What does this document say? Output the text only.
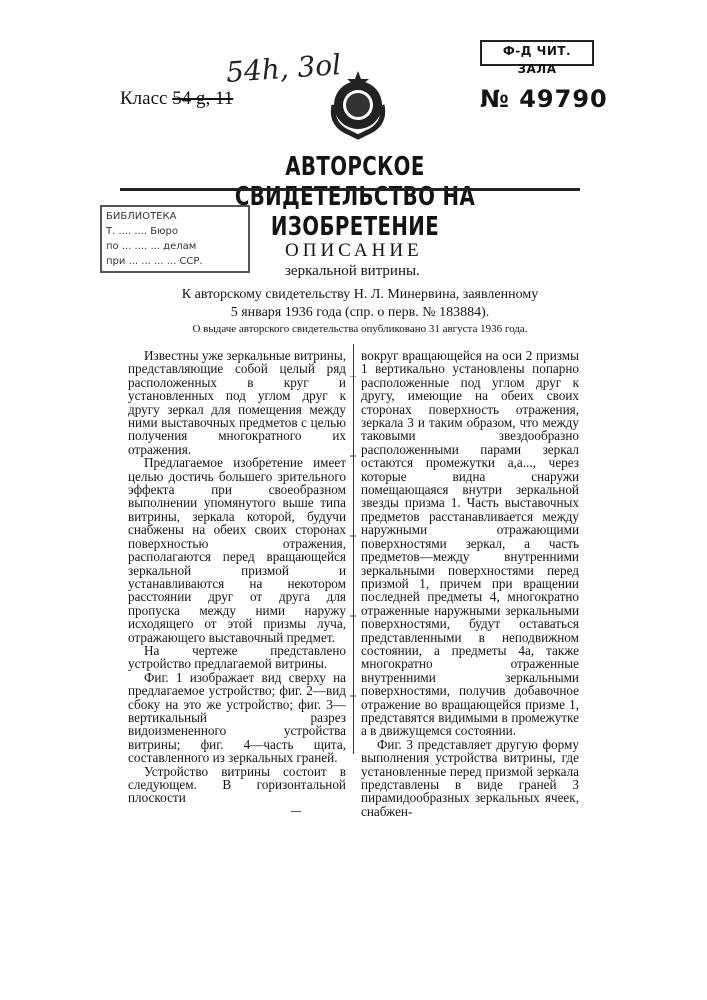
Ф-Д ЧИТ. ЗАЛА
54h, 3ol
Класс 54 g, 11	№ 49790
АВТОРСКОЕ СВИДЕТЕЛЬСТВО НА ИЗОБРЕТЕНИЕ
БИБЛИОТЕКА
Т. .... .... Бюро
по ... .... ... делам
при ... ... ... ... ССР.
ОПИСАНИЕ
зеркальной витрины.
К авторскому свидетельству Н. Л. Минервина, заявленному
5 января 1936 года (спр. о перв. № 183884).
О выдаче авторского свидетельства опубликовано 31 августа 1936 года.

Известны уже зеркальные витрины, представляющие собой целый ряд расположенных в круг и установленных под углом друг к другу зеркал для помещения между ними выставочных предметов с целью получения многократного их отражения.

Предлагаемое изобретение имеет целью достичь большего зрительного эффекта при своеобразном выполнении упомянутого выше типа витрины, зеркала которой, будучи снабжены на обеих своих сторонах поверхностью отражения, располагаются перед вращающейся зеркальной призмой и устанавливаются на некотором расстоянии друг от друга для пропуска между ними наружу исходящего от этой призмы луча, отражающего выставочный предмет.

На чертеже представлено устройство предлагаемой витрины.

Фиг. 1 изображает вид сверху на предлагаемое устройство; фиг. 2—вид сбоку на это же устройство; фиг. 3—вертикальный разрез видоизмененного устройства витрины; фиг. 4—часть щита, составленного из зеркальных граней.

Устройство витрины состоит в следующем. В горизонтальной плоскости

вокруг вращающейся на оси 2 призмы 1 вертикально установлены попарно расположенные под углом друг к другу, имеющие на обеих своих сторонах поверхность отражения, зеркала 3 и таким образом, что между таковыми звездообразно расположенными парами зеркал остаются промежутки a,a..., через которые видна снаружи помещающаяся внутри зеркальной звезды призма 1. Часть выставочных предметов расстанавливается между наружными отражающими поверхностями зеркал, а часть предметов—между внутренними зеркальными поверхностями перед призмой 1, причем при вращении последней предметы 4, многократно отраженные наружными зеркальными поверхностями, будут оставаться представленными в неподвижном состоянии, а предметы 4a, также многократно отраженные внутренними зеркальными поверхностями, получив добавочное отражение во вращающейся призме 1, представятся видимыми в промежутке a в движущемся состоянии.

Фиг. 3 представляет другую форму выполнения устройства витрины, где установленные перед призмой зеркала представлены в виде граней 3 пирамидообразных зеркальных ячеек, снабжен-
